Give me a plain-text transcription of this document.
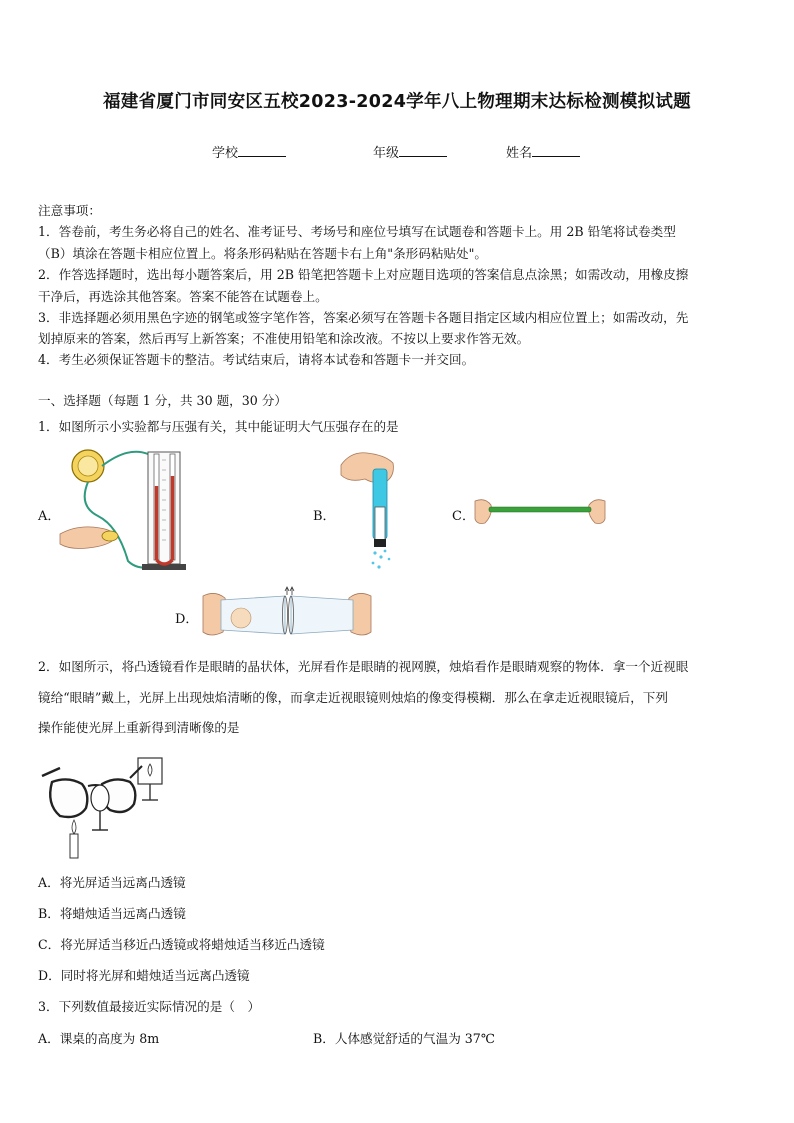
福建省厦门市同安区五校2023-2024学年八上物理期末达标检测模拟试题
学校	年级	姓名
注意事项：
1．答卷前，考生务必将自己的姓名、准考证号、考场号和座位号填写在试题卷和答题卡上。用 2B 铅笔将试卷类型
（B）填涂在答题卡相应位置上。将条形码粘贴在答题卡右上角"条形码粘贴处"。
2．作答选择题时，选出每小题答案后，用 2B 铅笔把答题卡上对应题目选项的答案信息点涂黑；如需改动，用橡皮擦
干净后，再选涂其他答案。答案不能答在试题卷上。
3．非选择题必须用黑色字迹的钢笔或签字笔作答，答案必须写在答题卡各题目指定区域内相应位置上；如需改动，先
划掉原来的答案，然后再写上新答案；不准使用铅笔和涂改液。不按以上要求作答无效。
4．考生必须保证答题卡的整洁。考试结束后，请将本试卷和答题卡一并交回。
一、选择题（每题 1 分，共 30 题，30 分）
1．如图所示小实验都与压强有关，其中能证明大气压强存在的是
A．	B．	C．
D．
2．如图所示，将凸透镜看作是眼睛的晶状体，光屏看作是眼睛的视网膜，烛焰看作是眼睛观察的物体．拿一个近视眼
镜给“眼睛”戴上，光屏上出现烛焰清晰的像，而拿走近视眼镜则烛焰的像变得模糊．那么在拿走近视眼镜后，下列
操作能使光屏上重新得到清晰像的是
A．将光屏适当远离凸透镜
B．将蜡烛适当远离凸透镜
C．将光屏适当移近凸透镜或将蜡烛适当移近凸透镜
D．同时将光屏和蜡烛适当远离凸透镜
3．下列数值最接近实际情况的是（　）
A．课桌的高度为 8m	B．人体感觉舒适的气温为 37℃
